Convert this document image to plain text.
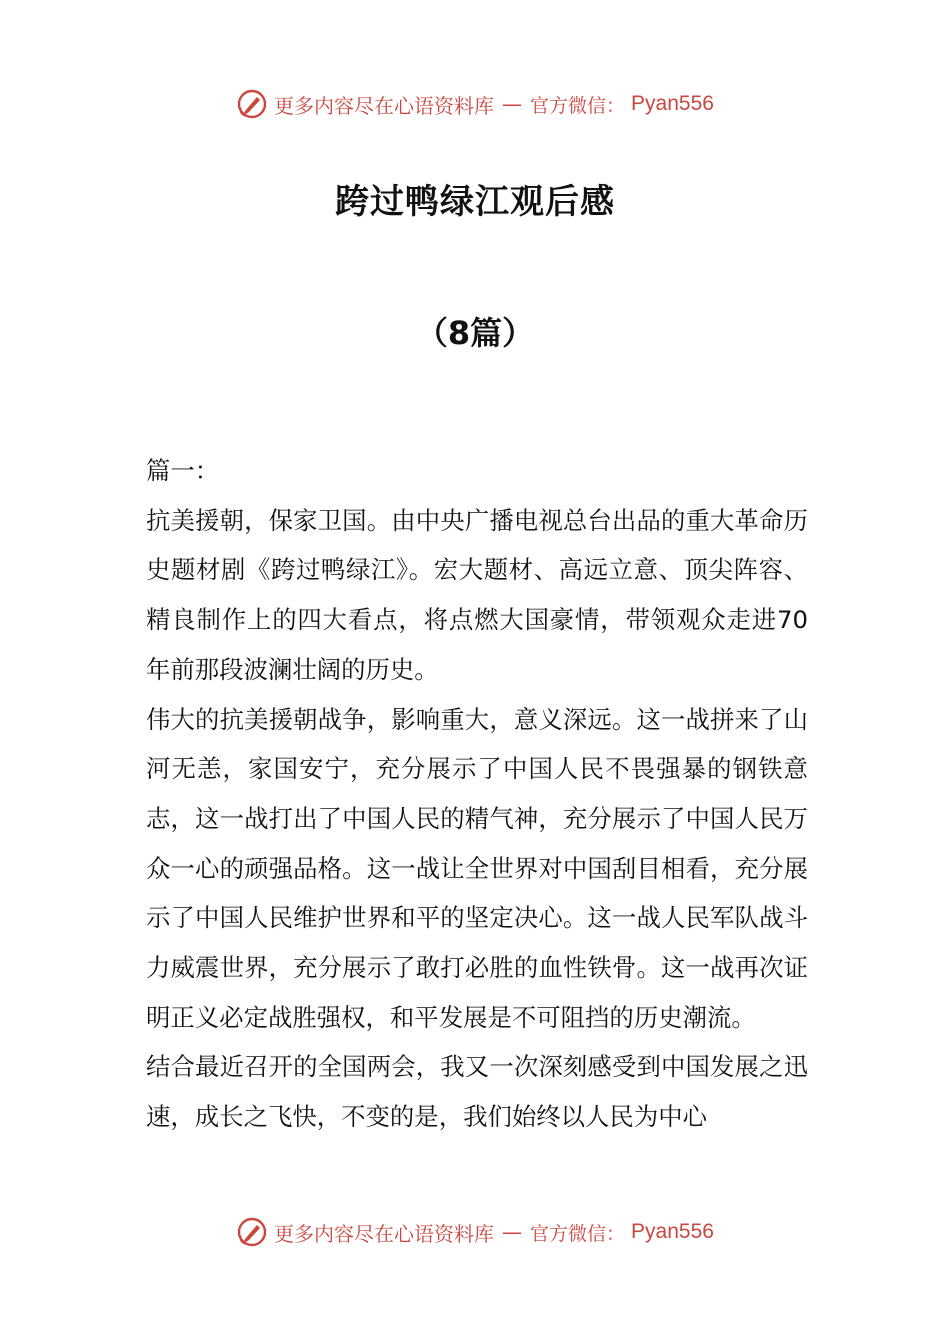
更多内容尽在心语资料库 — 官方微信： Pyan556
跨过鸭绿江观后感
（8篇）

篇一：

抗美援朝，保家卫国。由中央广播电视总台出品的重大革命历史题材剧《跨过鸭绿江》。宏大题材、高远立意、顶尖阵容、精良制作上的四大看点，将点燃大国豪情，带领观众走进70年前那段波澜壮阔的历史。

伟大的抗美援朝战争，影响重大，意义深远。这一战拼来了山河无恙，家国安宁，充分展示了中国人民不畏强暴的钢铁意志，这一战打出了中国人民的精气神，充分展示了中国人民万众一心的顽强品格。这一战让全世界对中国刮目相看，充分展示了中国人民维护世界和平的坚定决心。这一战人民军队战斗力威震世界，充分展示了敢打必胜的血性铁骨。这一战再次证明正义必定战胜强权，和平发展是不可阻挡的历史潮流。

结合最近召开的全国两会，我又一次深刻感受到中国发展之迅速，成长之飞快，不变的是，我们始终以人民为中心

更多内容尽在心语资料库 — 官方微信： Pyan556
